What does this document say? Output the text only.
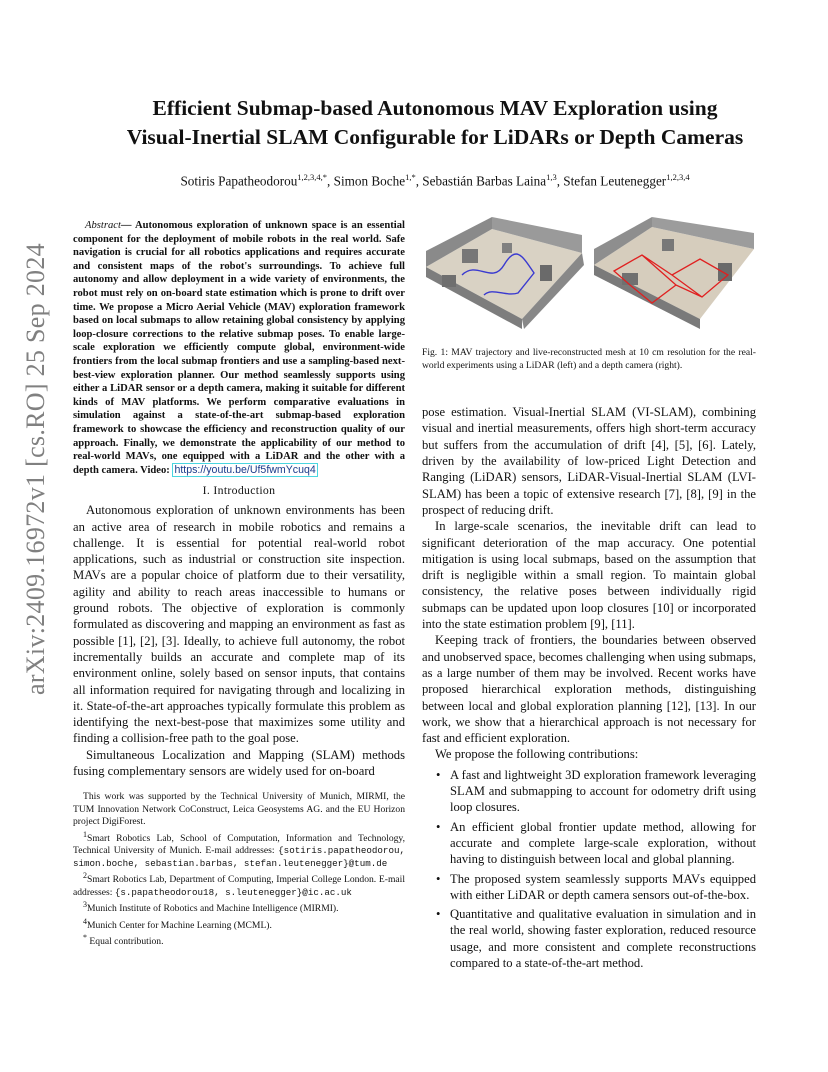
arXiv:2409.16972v1 [cs.RO] 25 Sep 2024
Efficient Submap-based Autonomous MAV Exploration using
Visual-Inertial SLAM Configurable for LiDARs or Depth Cameras
Sotiris Papatheodorou$^{1,2,3,4,*}$, Simon Boche$^{1,*}$, Sebastián Barbas Laina$^{1,3}$, Stefan Leutenegger$^{1,2,3,4}$
Abstract— Autonomous exploration of unknown space is an essential component for the deployment of mobile robots in the real world. Safe navigation is crucial for all robotics applications and requires accurate and consistent maps of the robot's surroundings. To achieve full autonomy and allow deployment in a wide variety of environments, the robot must rely on on-board state estimation which is prone to drift over time. We propose a Micro Aerial Vehicle (MAV) exploration framework based on local submaps to allow retaining global consistency by applying loop-closure corrections to the relative submap poses. To enable large-scale exploration we efficiently compute global, environment-wide frontiers from the local submap frontiers and use a sampling-based next-best-view exploration planner. Our method seamlessly supports using either a LiDAR sensor or a depth camera, making it suitable for different kinds of MAV platforms. We perform comparative evaluations in simulation against a state-of-the-art submap-based exploration framework to showcase the efficiency and reconstruction quality of our approach. Finally, we demonstrate the applicability of our method to real-world MAVs, one equipped with a LiDAR and the other with a depth camera. Video: https://youtu.be/Uf5fwmYcuq4
I. Introduction

Autonomous exploration of unknown environments has been an active area of research in mobile robotics and remains a challenge. It is essential for potential real-world robot applications, such as industrial or construction site inspection. MAVs are a popular choice of platform due to their versatility, agility and ability to reach areas inaccessible to humans or ground robots. The objective of exploration is commonly formulated as discovering and mapping an environment as fast as possible [1], [2], [3]. Ideally, to achieve full autonomy, the robot incrementally builds an accurate and complete map of its environment online, solely based on sensor inputs, that contains all information required for navigating through and localizing in it. State-of-the-art approaches typically formulate this problem as identifying the next-best-pose that maximizes some utility and finding a collision-free path to the goal pose.

Simultaneous Localization and Mapping (SLAM) methods fusing complementary sensors are widely used for on-board

This work was supported by the Technical University of Munich, MIRMI, the TUM Innovation Network CoConstruct, Leica Geosystems AG. and the EU Horizon project DigiForest.

$^1$Smart Robotics Lab, School of Computation, Information and Technology, Technical University of Munich. E-mail addresses: {sotiris.papatheodorou, simon.boche, sebastian.barbas, stefan.leutenegger}@tum.de

$^2$Smart Robotics Lab, Department of Computing, Imperial College London. E-mail addresses: {s.papatheodorou18, s.leutenegger}@ic.ac.uk

$^3$Munich Institute of Robotics and Machine Intelligence (MIRMI).

$^4$Munich Center for Machine Learning (MCML).

* Equal contribution.

Fig. 1: MAV trajectory and live-reconstructed mesh at 10 cm resolution for the real-world experiments using a LiDAR (left) and a depth camera (right).

pose estimation. Visual-Inertial SLAM (VI-SLAM), combining visual and inertial measurements, offers high short-term accuracy but suffers from the accumulation of drift [4], [5], [6]. Lately, driven by the availability of low-priced Light Detection and Ranging (LiDAR) sensors, LiDAR-Visual-Inertial SLAM (LVI-SLAM) has been a topic of extensive research [7], [8], [9] in the prospect of reducing drift.

In large-scale scenarios, the inevitable drift can lead to significant deterioration of the map accuracy. One potential mitigation is using local submaps, based on the assumption that drift is negligible within a small region. To maintain global consistency, the relative poses between individually rigid submaps can be updated upon loop closures [10] or incorporated into the state estimation problem [9], [11].

Keeping track of frontiers, the boundaries between observed and unobserved space, becomes challenging when using submaps, as a large number of them may be involved. Recent works have proposed hierarchical exploration methods, distinguishing between local and global exploration planning [12], [13]. In our work, we show that a hierarchical approach is not necessary for fast and efficient exploration.

We propose the following contributions:

• A fast and lightweight 3D exploration framework leveraging SLAM and submapping to account for odometry drift using loop closures.
• An efficient global frontier update method, allowing for accurate and complete large-scale exploration, without having to distinguish between local and global planning.
• The proposed system seamlessly supports MAVs equipped with either LiDAR or depth camera sensors out-of-the-box.
• Quantitative and qualitative evaluation in simulation and in the real world, showing faster exploration, reduced resource usage, and more consistent and complete reconstructions compared to a state-of-the-art method.
